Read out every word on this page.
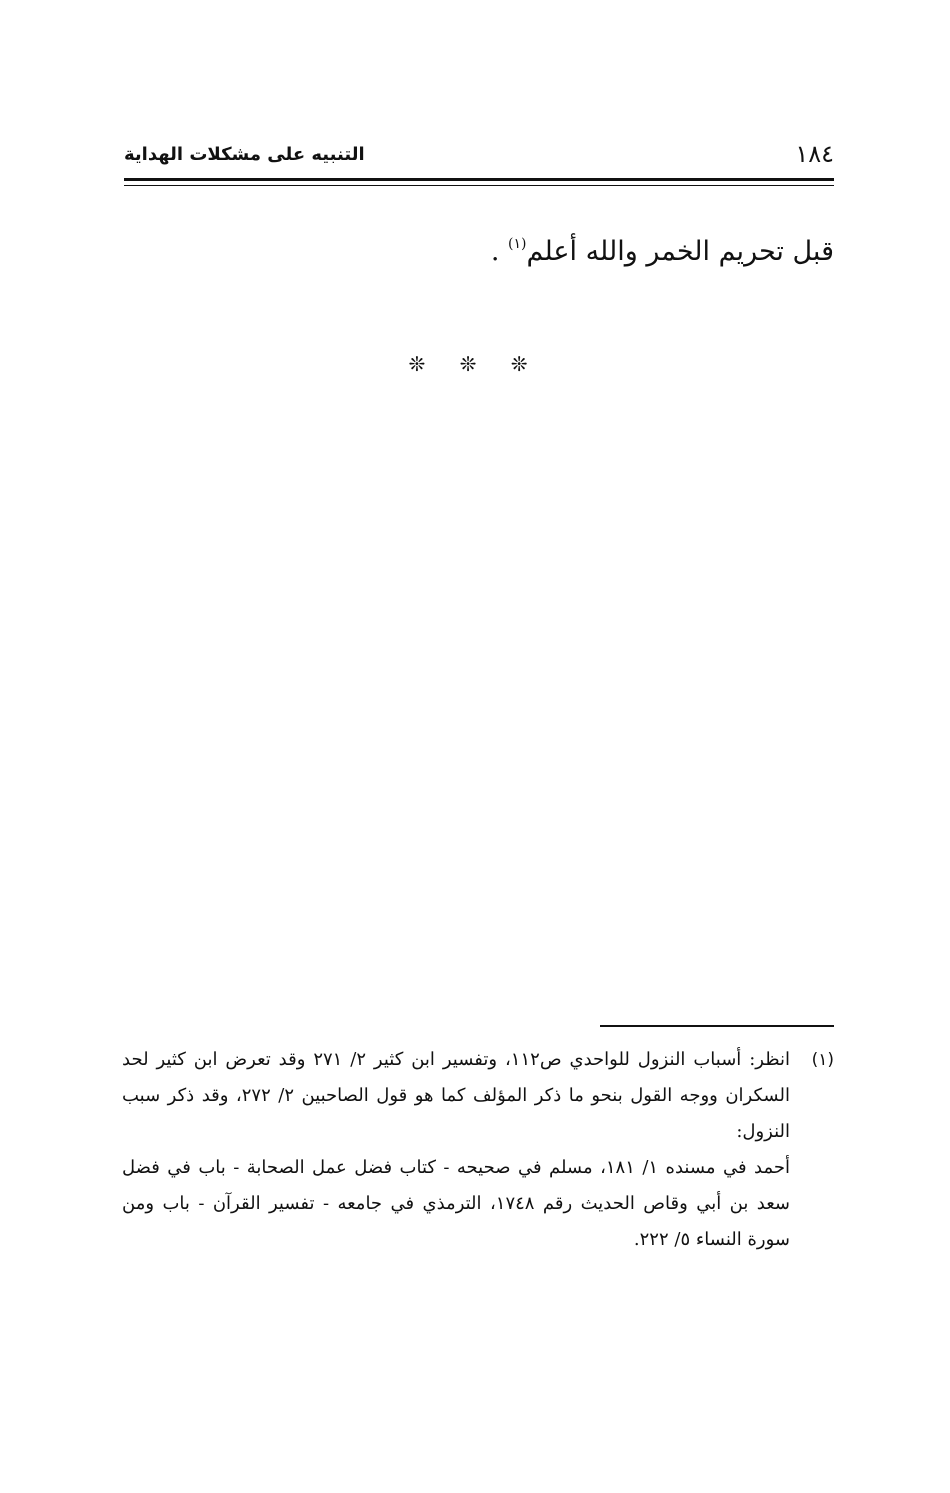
١٨٤
التنبيه على مشكلات الهداية
قبل تحريم الخمر والله أعلم$^{(١)}$ .
❊ ❊ ❊
(١)

انظر: أسباب النزول للواحدي ص١١٢، وتفسير ابن كثير ٢/ ٢٧١ وقد تعرض ابن كثير لحد السكران ووجه القول بنحو ما ذكر المؤلف كما هو قول الصاحبين ٢/ ٢٧٢، وقد ذكر سبب النزول:

أحمد في مسنده ١/ ١٨١، مسلم في صحيحه - كتاب فضل عمل الصحابة - باب في فضل سعد بن أبي وقاص الحديث رقم ١٧٤٨، الترمذي في جامعه - تفسير القرآن - باب ومن سورة النساء ٥/ ٢٢٢.
